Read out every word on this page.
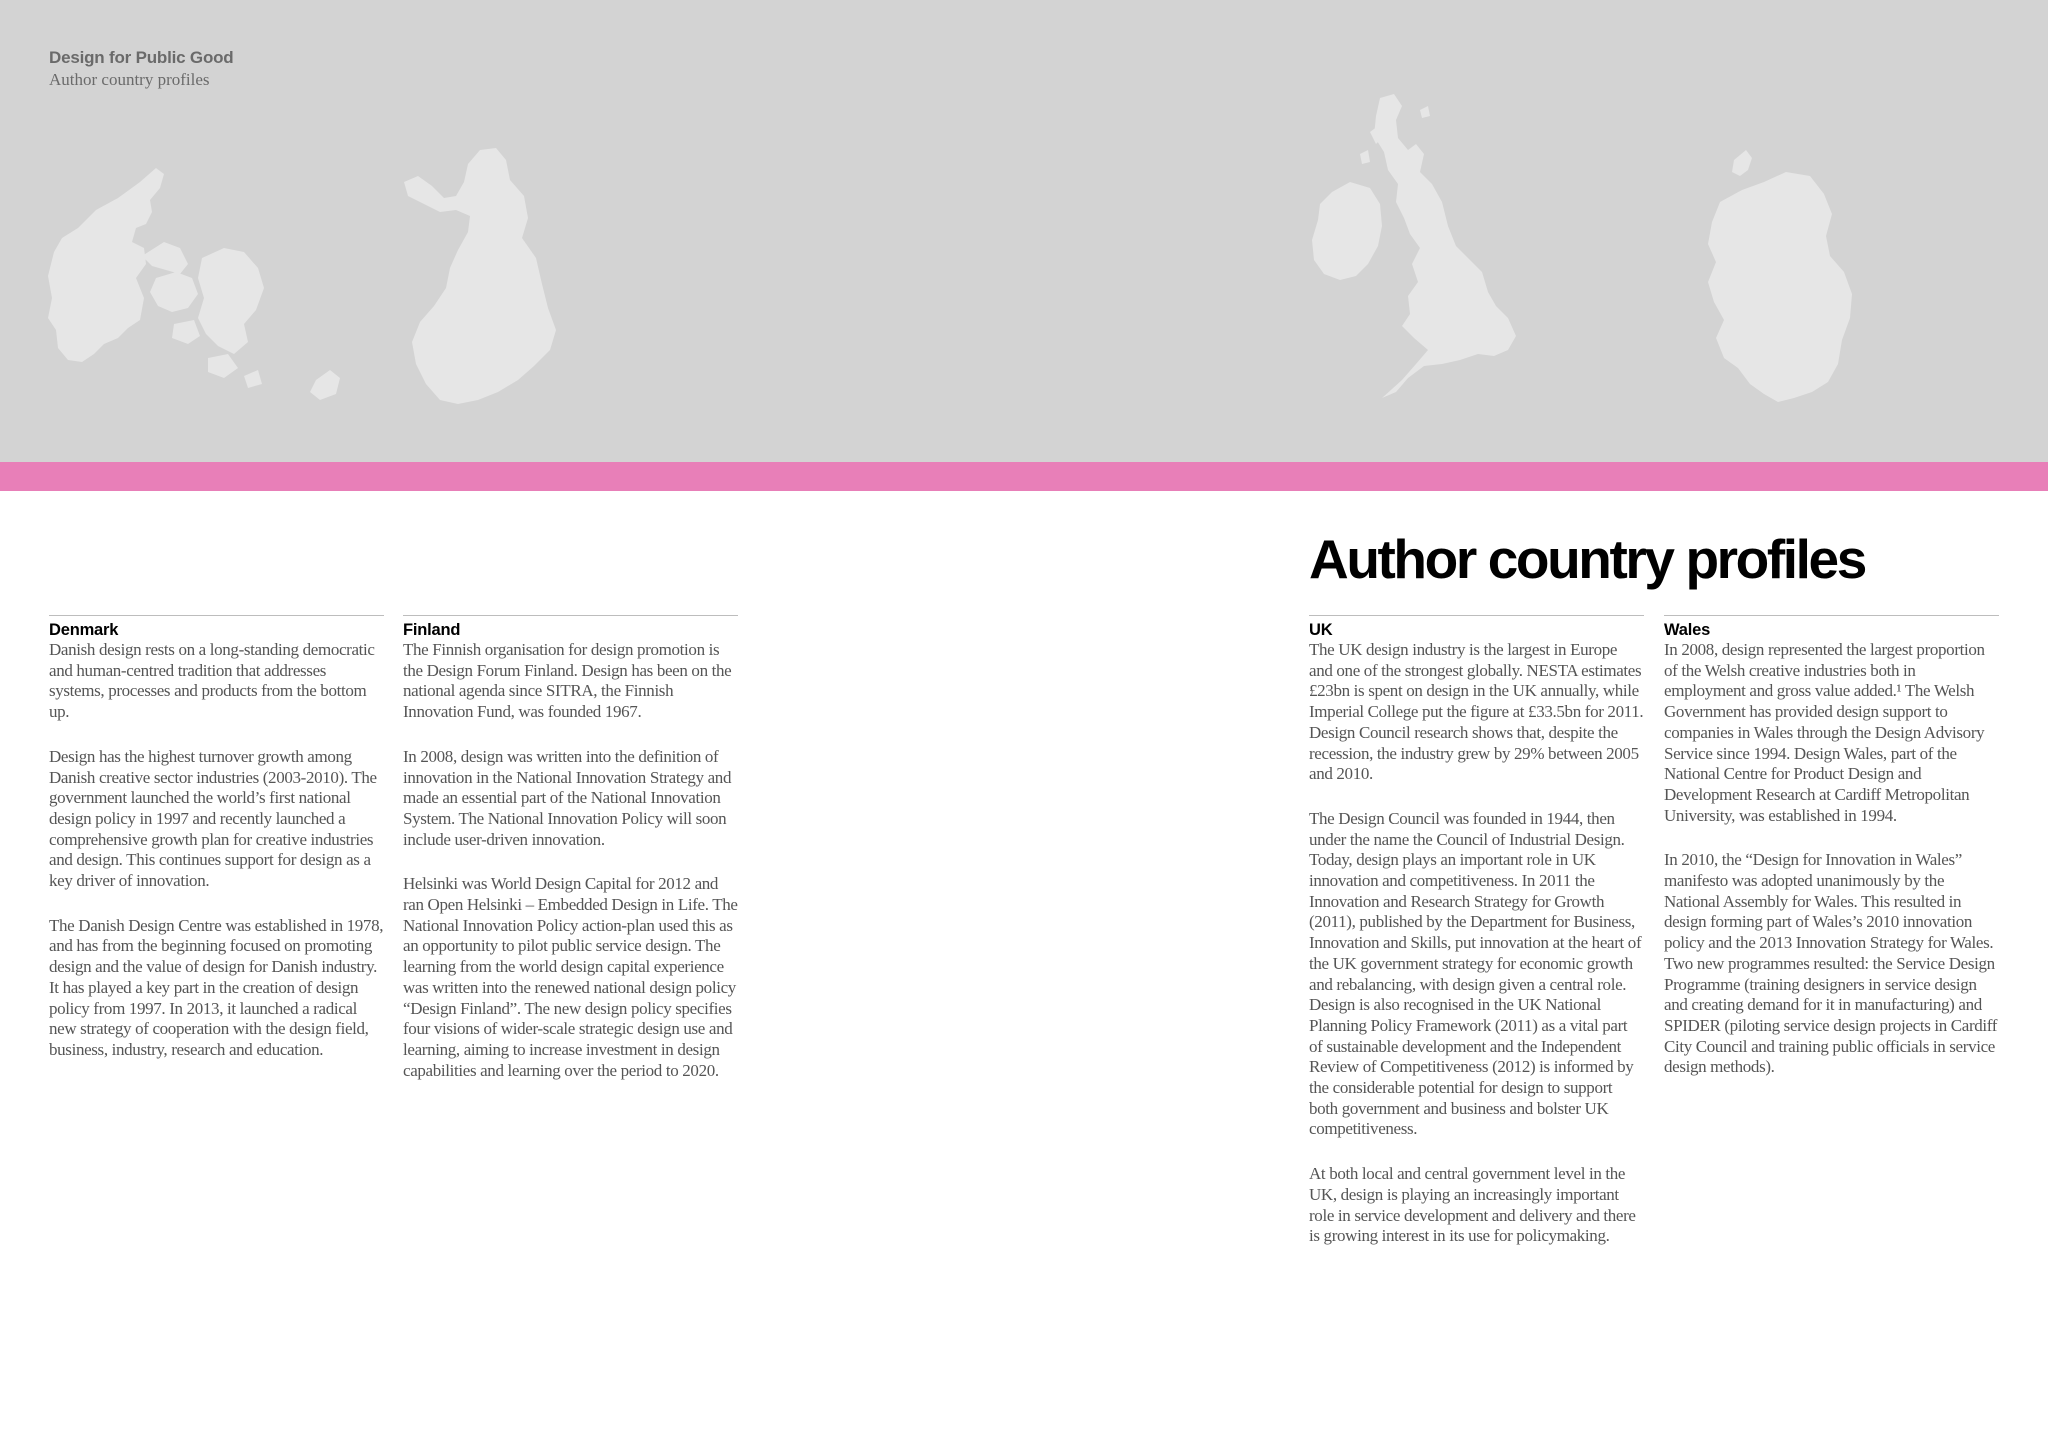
Design for Public Good
Author country profiles
Author country profiles
Denmark

Danish design rests on a long-standing democratic and human-centred tradition that addresses systems, processes and products from the bottom up.

Design has the highest turnover growth among Danish creative sector industries (2003-2010). The government launched the world’s first national design policy in 1997 and recently launched a comprehensive growth plan for creative industries and design. This continues support for design as a key driver of innovation.

The Danish Design Centre was established in 1978, and has from the beginning focused on promoting design and the value of design for Danish industry. It has played a key part in the creation of design policy from 1997. In 2013, it launched a radical new strategy of cooperation with the design field, business, industry, research and education.

Finland

The Finnish organisation for design promotion is the Design Forum Finland. Design has been on the national agenda since SITRA, the Finnish Innovation Fund, was founded 1967.

In 2008, design was written into the definition of innovation in the National Innovation Strategy and made an essential part of the National Innovation System. The National Innovation Policy will soon include user-driven innovation.

Helsinki was World Design Capital for 2012 and ran Open Helsinki – Embedded Design in Life. The National Innovation Policy action-plan used this as an opportunity to pilot public service design. The learning from the world design capital experience was written into the renewed national design policy “Design Finland”. The new design policy specifies four visions of wider-scale strategic design use and learning, aiming to increase investment in design capabilities and learning over the period to 2020.

UK

The UK design industry is the largest in Europe and one of the strongest globally. NESTA estimates £23bn is spent on design in the UK annually, while Imperial College put the figure at £33.5bn for 2011. Design Council research shows that, despite the recession, the industry grew by 29% between 2005 and 2010.

The Design Council was founded in 1944, then under the name the Council of Industrial Design. Today, design plays an important role in UK innovation and competitiveness. In 2011 the Innovation and Research Strategy for Growth (2011), published by the Department for Business, Innovation and Skills, put innovation at the heart of the UK government strategy for economic growth and rebalancing, with design given a central role. Design is also recognised in the UK National Planning Policy Framework (2011) as a vital part of sustainable development and the Independent Review of Competitiveness (2012) is informed by the considerable potential for design to support both government and business and bolster UK competitiveness.

At both local and central government level in the UK, design is playing an increasingly important role in service development and delivery and there is growing interest in its use for policymaking.

Wales

In 2008, design represented the largest proportion of the Welsh creative industries both in employment and gross value added.¹ The Welsh Government has provided design support to companies in Wales through the Design Advisory Service since 1994. Design Wales, part of the National Centre for Product Design and Development Research at Cardiff Metropolitan University, was established in 1994.

In 2010, the “Design for Innovation in Wales” manifesto was adopted unanimously by the National Assembly for Wales. This resulted in design forming part of Wales’s 2010 innovation policy and the 2013 Innovation Strategy for Wales. Two new programmes resulted: the Service Design Programme (training designers in service design and creating demand for it in manufacturing) and SPIDER (piloting service design projects in Cardiff City Council and training public officials in service design methods).
